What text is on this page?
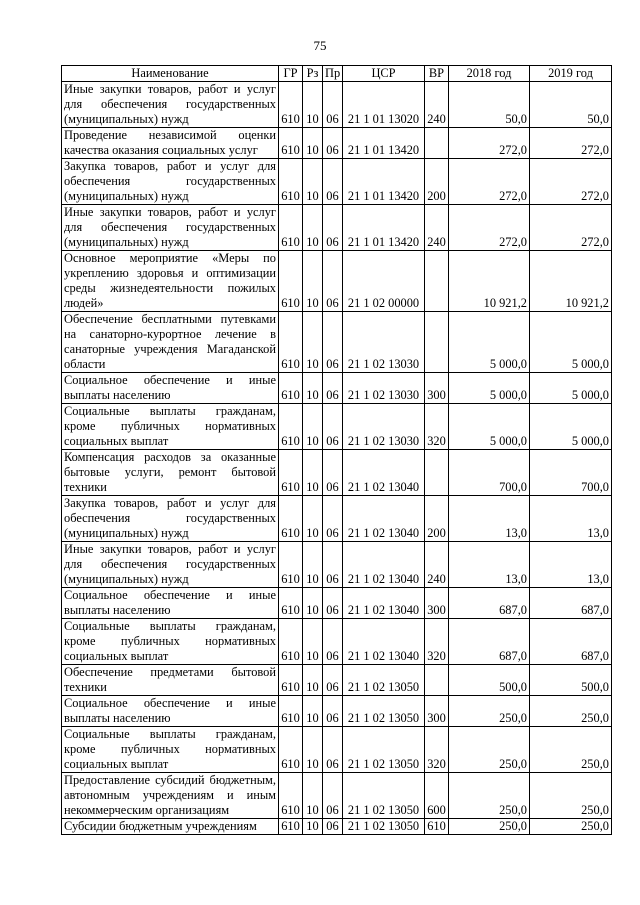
75
Наименование	ГР	Рз	Пр	ЦСР	ВР	2018 год	2019 год
Иные закупки товаров, работ и услуг для обеспечения государственных (муниципальных) нужд	610	10	06	21 1 01 13020	240	50,0	50,0
Проведение независимой оценки качества оказания социальных услуг	610	10	06	21 1 01 13420		272,0	272,0
Закупка товаров, работ и услуг для обеспечения государственных (муниципальных) нужд	610	10	06	21 1 01 13420	200	272,0	272,0
Иные закупки товаров, работ и услуг для обеспечения государственных (муниципальных) нужд	610	10	06	21 1 01 13420	240	272,0	272,0
Основное мероприятие «Меры по укреплению здоровья и оптимизации среды жизнедеятельности пожилых людей»	610	10	06	21 1 02 00000		10 921,2	10 921,2
Обеспечение бесплатными путевками на санаторно-курортное лечение в санаторные учреждения Магаданской области	610	10	06	21 1 02 13030		5 000,0	5 000,0
Социальное обеспечение и иные выплаты населению	610	10	06	21 1 02 13030	300	5 000,0	5 000,0
Социальные выплаты гражданам, кроме публичных нормативных социальных выплат	610	10	06	21 1 02 13030	320	5 000,0	5 000,0
Компенсация расходов за оказанные бытовые услуги, ремонт бытовой техники	610	10	06	21 1 02 13040		700,0	700,0
Закупка товаров, работ и услуг для обеспечения государственных (муниципальных) нужд	610	10	06	21 1 02 13040	200	13,0	13,0
Иные закупки товаров, работ и услуг для обеспечения государственных (муниципальных) нужд	610	10	06	21 1 02 13040	240	13,0	13,0
Социальное обеспечение и иные выплаты населению	610	10	06	21 1 02 13040	300	687,0	687,0
Социальные выплаты гражданам, кроме публичных нормативных социальных выплат	610	10	06	21 1 02 13040	320	687,0	687,0
Обеспечение предметами бытовой техники	610	10	06	21 1 02 13050		500,0	500,0
Социальное обеспечение и иные выплаты населению	610	10	06	21 1 02 13050	300	250,0	250,0
Социальные выплаты гражданам, кроме публичных нормативных социальных выплат	610	10	06	21 1 02 13050	320	250,0	250,0
Предоставление субсидий бюджетным, автономным учреждениям и иным некоммерческим организациям	610	10	06	21 1 02 13050	600	250,0	250,0
Субсидии бюджетным учреждениям	610	10	06	21 1 02 13050	610	250,0	250,0
